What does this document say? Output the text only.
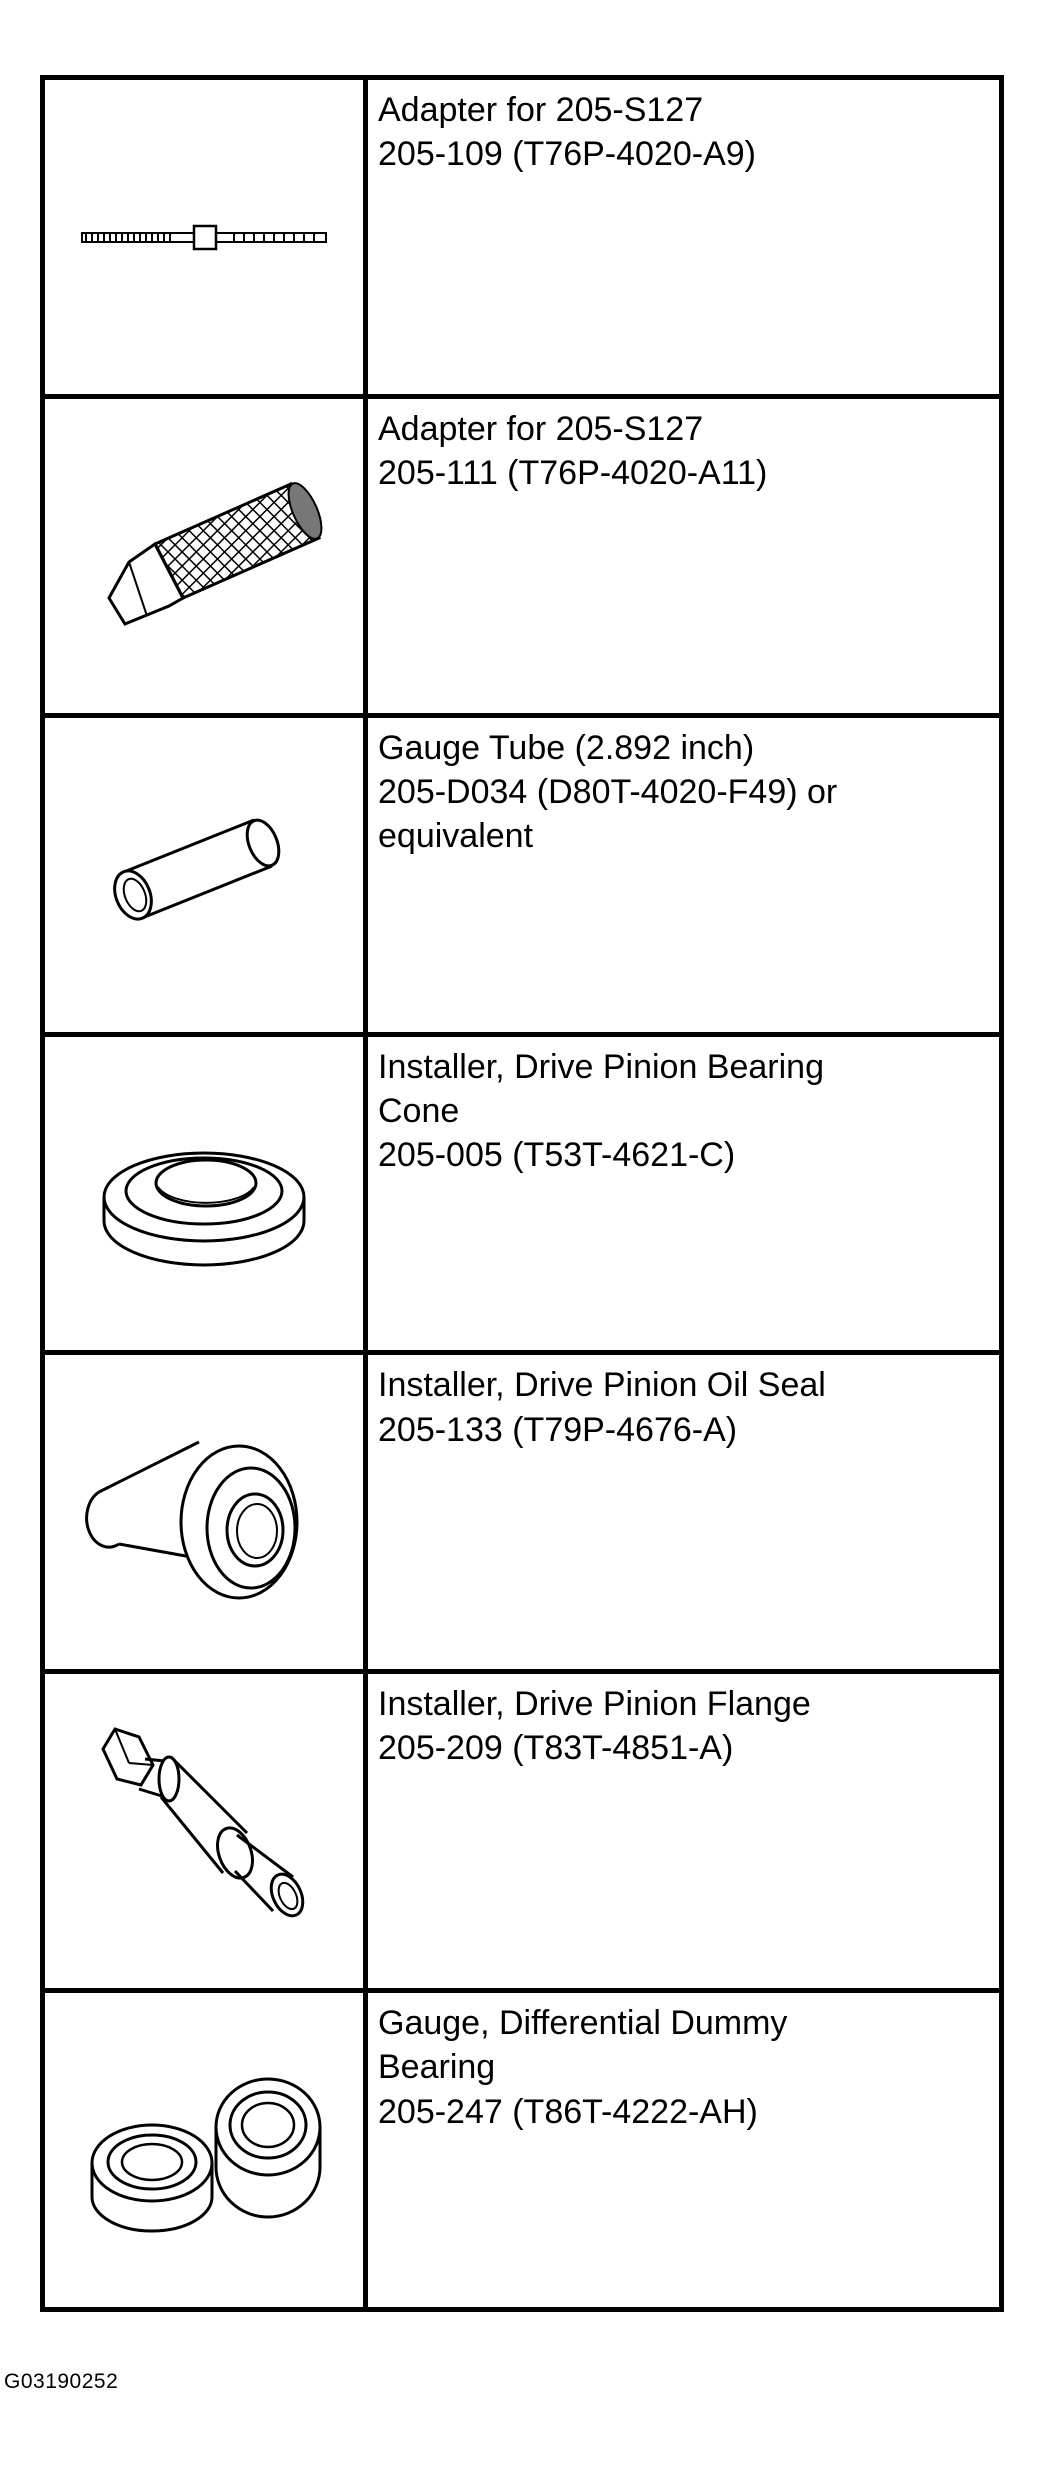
Adapter for 205-S127
205-109 (T76P-4020-A9)
Adapter for 205-S127
205-111 (T76P-4020-A11)
Gauge Tube (2.892 inch)
205-D034 (D80T-4020-F49) or
equivalent
Installer, Drive Pinion Bearing
Cone
205-005 (T53T-4621-C)
Installer, Drive Pinion Oil Seal
205-133 (T79P-4676-A)
Installer, Drive Pinion Flange
205-209 (T83T-4851-A)
Gauge, Differential Dummy
Bearing
205-247 (T86T-4222-AH)
G03190252
